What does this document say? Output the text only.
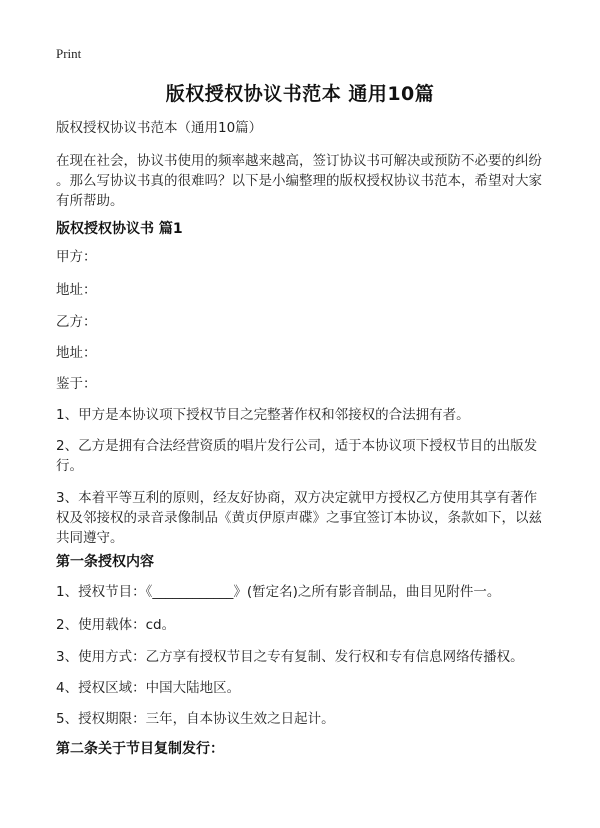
Print
版权授权协议书范本 通用10篇
版权授权协议书范本（通用10篇）
在现在社会，协议书使用的频率越来越高，签订协议书可解决或预防不必要的纠纷
。那么写协议书真的很难吗？以下是小编整理的版权授权协议书范本，希望对大家
有所帮助。
版权授权协议书 篇1
甲方：
地址：
乙方：
地址：
鉴于：
1、甲方是本协议项下授权节目之完整著作权和邻接权的合法拥有者。
2、乙方是拥有合法经营资质的唱片发行公司，适于本协议项下授权节目的出版发
行。
3、本着平等互利的原则，经友好协商，双方决定就甲方授权乙方使用其享有著作
权及邻接权的录音录像制品《黄贞伊原声碟》之事宜签订本协议，条款如下，以兹
共同遵守。
第一条授权内容
1、授权节目：《____________》(暂定名)之所有影音制品，曲目见附件一。
2、使用载体：cd。
3、使用方式：乙方享有授权节目之专有复制、发行权和专有信息网络传播权。
4、授权区域：中国大陆地区。
5、授权期限：三年，自本协议生效之日起计。
第二条关于节目复制发行：
